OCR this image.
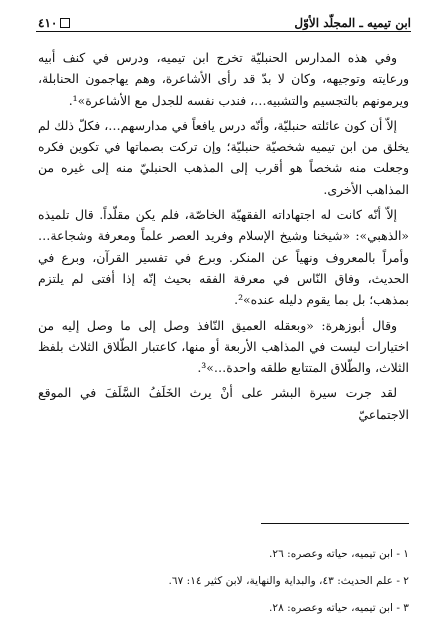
ابن تيميه ـ المجلّد الأوّل
٤١٠

وفي هذه المدارس الحنبليّة تخرج ابن تيميه، ودرس في كنف أبيه ورعايته وتوجيهه، وكان لا بدّ قد رأى الأشاعرة، وهم يهاجمون الحنابلة، ويرمونهم بالتجسيم والتشبيه…، فندب نفسه للجدل مع الأشاعرة»¹.

إلاّ أن كون عائلته حنبليّة، وأنّه درس يافعاً في مدارسهم…، فكلّ ذلك لم يخلق من ابن تيميه شخصيّة حنبليّة؛ وإن تركت بصماتها في تكوين فكره وجعلت منه شخصاً هو أقرب إلى المذهب الحنبليّ منه إلى غيره من المذاهب الأخرى.

إلاّ أنّه كانت له اجتهاداته الفقهيّة الخاصّة، فلم يكن مقلّداً. قال تلميذه «الذهبي»: «شيخنا وشيخ الإسلام وفريد العصر علماً ومعرفة وشجاعة… وأمراً بالمعروف ونهياً عن المنكر. وبرع في تفسير القرآن، وبرع في الحديث، وفاق النّاس في معرفة الفقه بحيث إنّه إذا أفتى لم يلتزم بمذهب؛ بل بما يقوم دليله عنده»².

وقال أبوزهرة: «وبعقله العميق النّافذ وصل إلى ما وصل إليه من اختيارات ليست في المذاهب الأربعة أو منها، كاعتبار الطّلاق الثلاث بلفظ الثلاث، والطّلاق المتتابع طلقه واحدة…»³.

لقد جرت سيرة البشر على أنْ يرث الخَلَفُ السَّلَفَ في الموقع الاجتماعيّ

١ - ابن تيميه، حياته وعصره: ٢٦.
٢ - علم الحديث: ٤٣، والبداية والنهاية، لابن كثير ١٤: ٦٧.
٣ - ابن تيميه، حياته وعصره: ٢٨.
